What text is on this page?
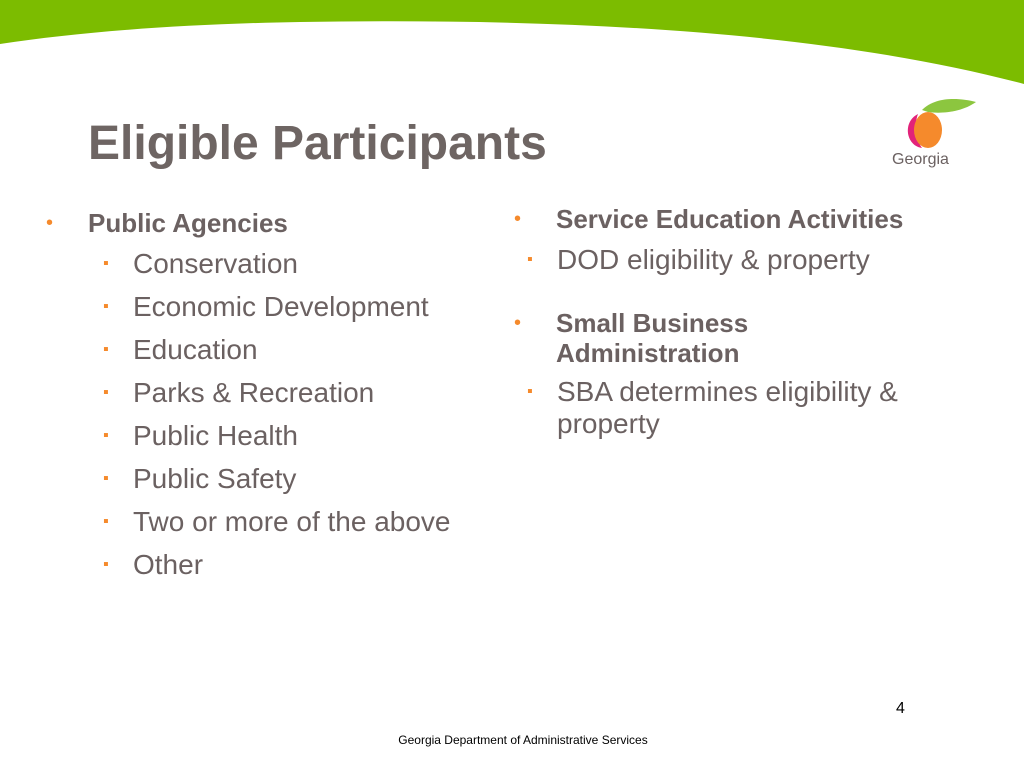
Georgia
Eligible Participants
• Public Agencies
▪ Conservation
▪ Economic Development
▪ Education
▪ Parks & Recreation
▪ Public Health
▪ Public Safety
▪ Two or more of the above
▪ Other
• Service Education Activities
▪ DOD eligibility & property
• Small Business Administration
▪ SBA determines eligibility & property
4
Georgia Department of Administrative Services
